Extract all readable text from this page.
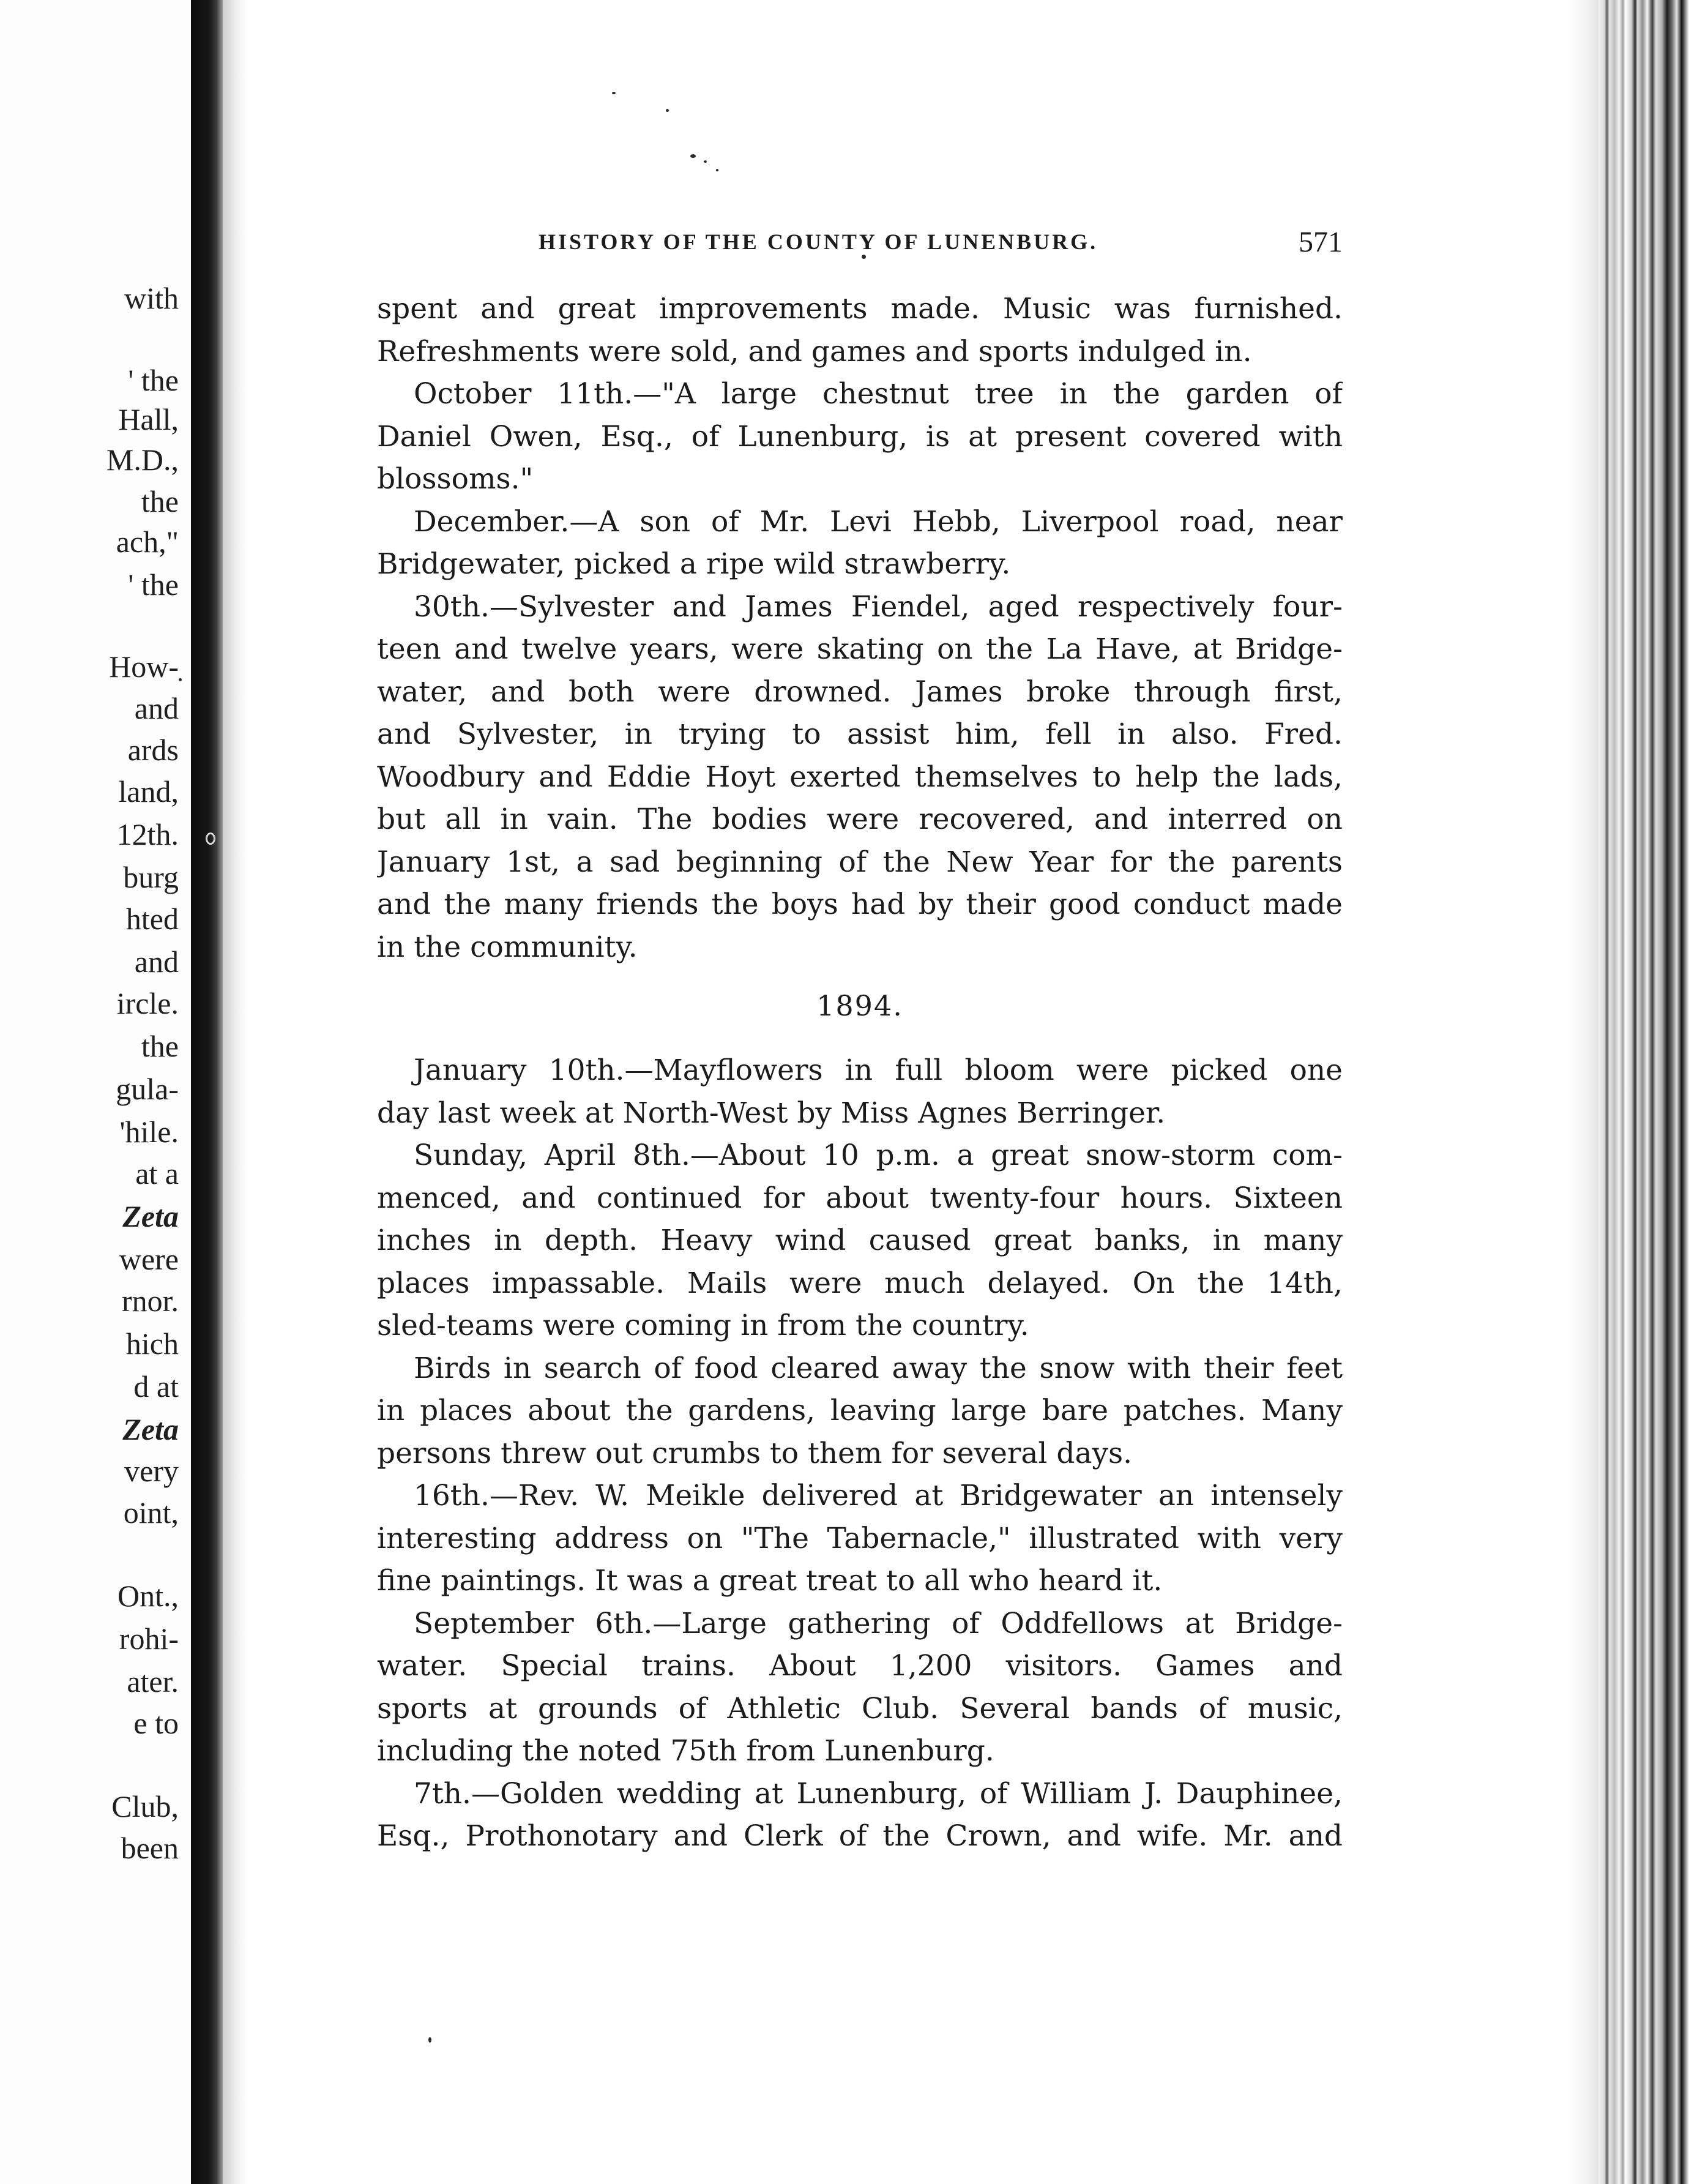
with
' the
Hall,
M.D.,
the
ach,"
' the
How-
and
ards
land,
12th.
burg
hted
and
ircle.
the
gula-
'hile.
at a
Zeta
were
rnor.
hich
d at
Zeta
very
oint,
Ont.,
rohi-
ater.
e to
Club,
been
HISTORY OF THE COUNTY OF LUNENBURG.	571
spent and great improvements made. Music was furnished.
Refreshments were sold, and games and sports indulged in.
October 11th.—"A large chestnut tree in the garden of
Daniel Owen, Esq., of Lunenburg, is at present covered with
blossoms."
December.—A son of Mr. Levi Hebb, Liverpool road, near
Bridgewater, picked a ripe wild strawberry.
30th.—Sylvester and James Fiendel, aged respectively four-
teen and twelve years, were skating on the La Have, at Bridge-
water, and both were drowned. James broke through first,
and Sylvester, in trying to assist him, fell in also. Fred.
Woodbury and Eddie Hoyt exerted themselves to help the lads,
but all in vain. The bodies were recovered, and interred on
January 1st, a sad beginning of the New Year for the parents
and the many friends the boys had by their good conduct made
in the community.
1894.
January 10th.—Mayflowers in full bloom were picked one
day last week at North-West by Miss Agnes Berringer.
Sunday, April 8th.—About 10 p.m. a great snow-storm com-
menced, and continued for about twenty-four hours. Sixteen
inches in depth. Heavy wind caused great banks, in many
places impassable. Mails were much delayed. On the 14th,
sled-teams were coming in from the country.
Birds in search of food cleared away the snow with their feet
in places about the gardens, leaving large bare patches. Many
persons threw out crumbs to them for several days.
16th.—Rev. W. Meikle delivered at Bridgewater an intensely
interesting address on "The Tabernacle," illustrated with very
fine paintings. It was a great treat to all who heard it.
September 6th.—Large gathering of Oddfellows at Bridge-
water. Special trains. About 1,200 visitors. Games and
sports at grounds of Athletic Club. Several bands of music,
including the noted 75th from Lunenburg.
7th.—Golden wedding at Lunenburg, of William J. Dauphinee,
Esq., Prothonotary and Clerk of the Crown, and wife. Mr. and
